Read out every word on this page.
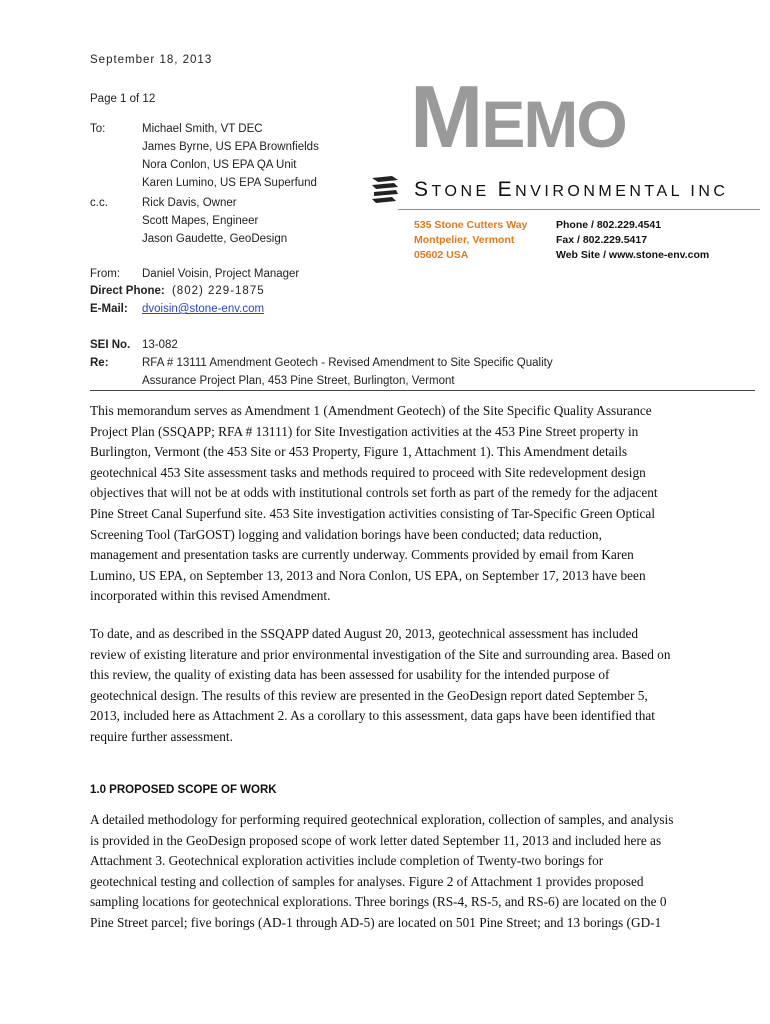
September 18, 2013
Page 1 of 12
To:	Michael Smith, VT DEC
James Byrne, US EPA Brownfields
Nora Conlon, US EPA QA Unit
Karen Lumino, US EPA Superfund
c.c.	Rick Davis, Owner
Scott Mapes, Engineer
Jason Gaudette, GeoDesign
From: Daniel Voisin, Project Manager
Direct Phone: (802) 229-1875
E-Mail: dvoisin@stone-env.com
SEI No. 13-082
Re:	RFA # 13111 Amendment Geotech - Revised Amendment to Site Specific Quality
Assurance Project Plan, 453 Pine Street, Burlington, Vermont
MEMO
STONE ENVIRONMENTAL INC
535 Stone Cutters Way
Montpelier, Vermont
05602 USA
Phone / 802.229.4541
Fax / 802.229.5417
Web Site / www.stone-env.com
This memorandum serves as Amendment 1 (Amendment Geotech) of the Site Specific Quality Assurance
Project Plan (SSQAPP; RFA # 13111) for Site Investigation activities at the 453 Pine Street property in
Burlington, Vermont (the 453 Site or 453 Property, Figure 1, Attachment 1). This Amendment details
geotechnical 453 Site assessment tasks and methods required to proceed with Site redevelopment design
objectives that will not be at odds with institutional controls set forth as part of the remedy for the adjacent
Pine Street Canal Superfund site. 453 Site investigation activities consisting of Tar-Specific Green Optical
Screening Tool (TarGOST) logging and validation borings have been conducted; data reduction,
management and presentation tasks are currently underway. Comments provided by email from Karen
Lumino, US EPA, on September 13, 2013 and Nora Conlon, US EPA, on September 17, 2013 have been
incorporated within this revised Amendment.
To date, and as described in the SSQAPP dated August 20, 2013, geotechnical assessment has included
review of existing literature and prior environmental investigation of the Site and surrounding area. Based on
this review, the quality of existing data has been assessed for usability for the intended purpose of
geotechnical design. The results of this review are presented in the GeoDesign report dated September 5,
2013, included here as Attachment 2. As a corollary to this assessment, data gaps have been identified that
require further assessment.
1.0 PROPOSED SCOPE OF WORK
A detailed methodology for performing required geotechnical exploration, collection of samples, and analysis
is provided in the GeoDesign proposed scope of work letter dated September 11, 2013 and included here as
Attachment 3. Geotechnical exploration activities include completion of Twenty-two borings for
geotechnical testing and collection of samples for analyses. Figure 2 of Attachment 1 provides proposed
sampling locations for geotechnical explorations. Three borings (RS-4, RS-5, and RS-6) are located on the 0
Pine Street parcel; five borings (AD-1 through AD-5) are located on 501 Pine Street; and 13 borings (GD-1
